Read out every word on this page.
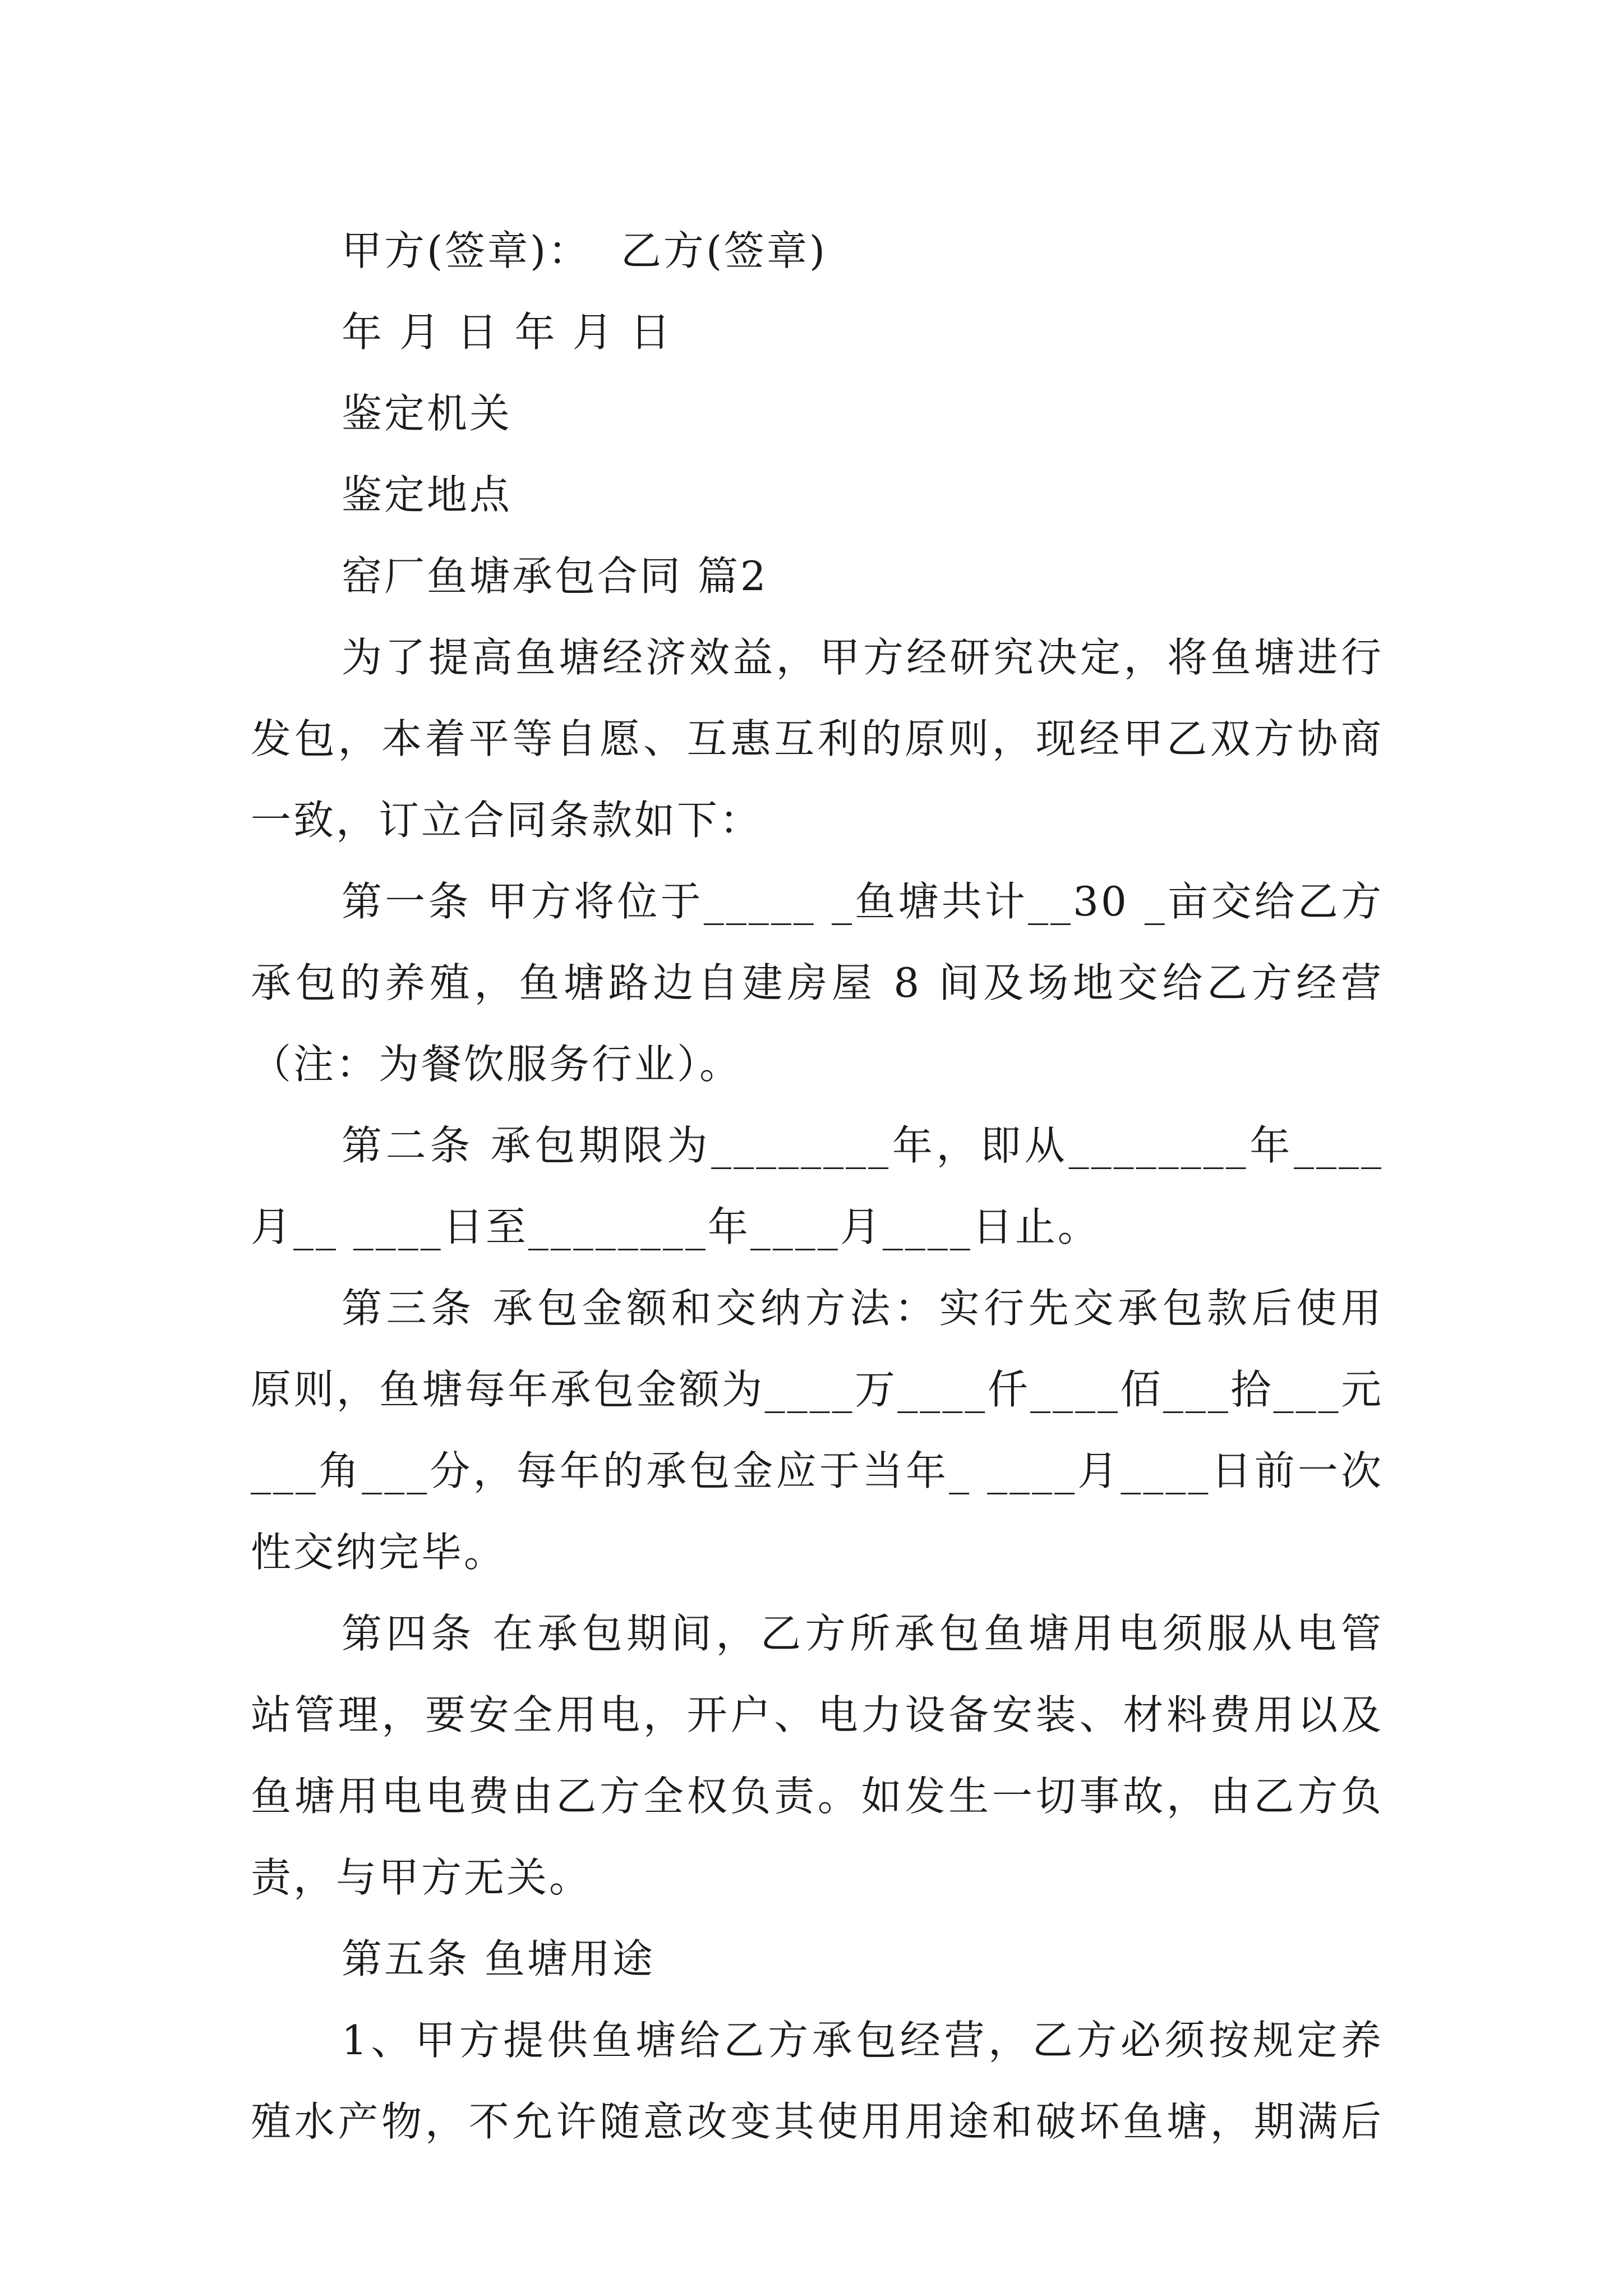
甲方(签章)：  乙方(签章)
年 月 日 年 月 日
鉴定机关
鉴定地点
窑厂鱼塘承包合同 篇2
为了提高鱼塘经济效益，甲方经研究决定，将鱼塘进行
发包，本着平等自愿、互惠互利的原则，现经甲乙双方协商
一致，订立合同条款如下：
第一条 甲方将位于_____ _鱼塘共计__30 _亩交给乙方
承包的养殖，鱼塘路边自建房屋 8 间及场地交给乙方经营
（注：为餐饮服务行业）。
第二条 承包期限为________年，即从________年____
月__ ____日至________年____月____日止。
第三条 承包金额和交纳方法：实行先交承包款后使用
原则，鱼塘每年承包金额为____万____仟____佰___拾___元
___角___分，每年的承包金应于当年_ ____月____日前一次
性交纳完毕。
第四条 在承包期间，乙方所承包鱼塘用电须服从电管
站管理，要安全用电，开户、电力设备安装、材料费用以及
鱼塘用电电费由乙方全权负责。如发生一切事故，由乙方负
责，与甲方无关。
第五条 鱼塘用途
1、甲方提供鱼塘给乙方承包经营，乙方必须按规定养
殖水产物，不允许随意改变其使用用途和破坏鱼塘，期满后
